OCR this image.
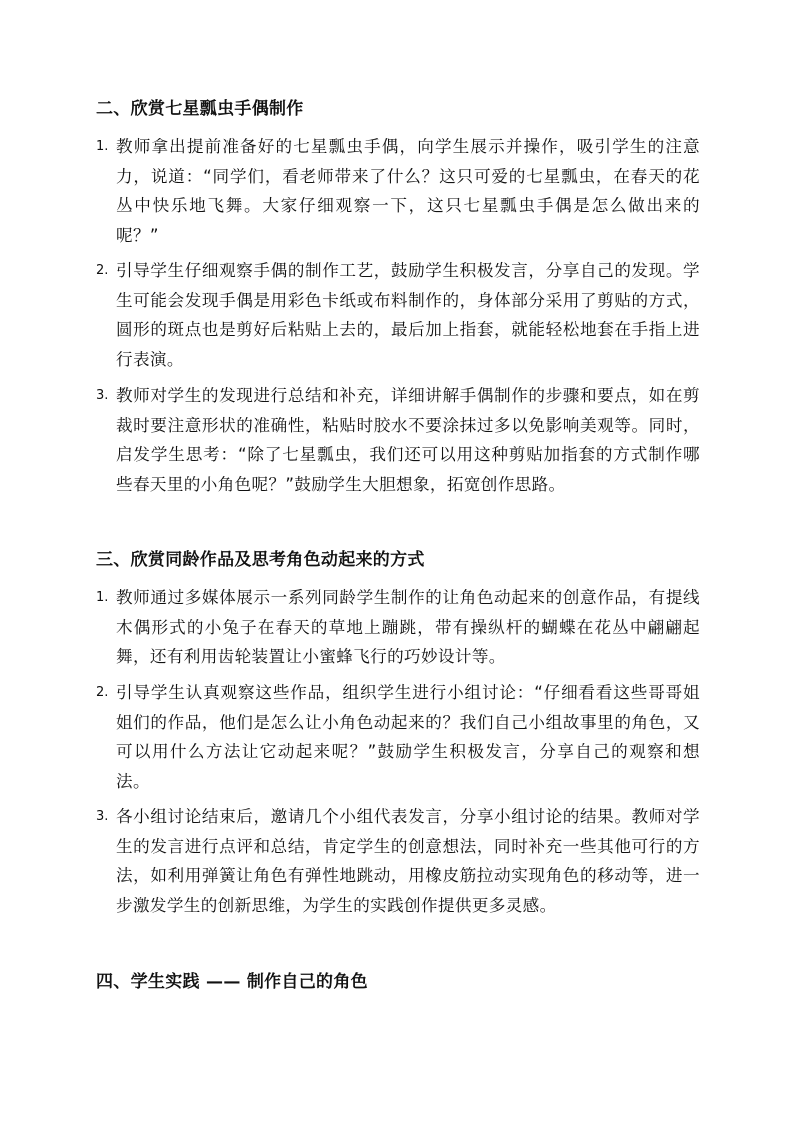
二、欣赏七星瓢虫手偶制作
1. 教师拿出提前准备好的七星瓢虫手偶，向学生展示并操作，吸引学生的注意力，说道：“同学们，看老师带来了什么？这只可爱的七星瓢虫，在春天的花丛中快乐地飞舞。大家仔细观察一下，这只七星瓢虫手偶是怎么做出来的呢？”
2. 引导学生仔细观察手偶的制作工艺，鼓励学生积极发言，分享自己的发现。学生可能会发现手偶是用彩色卡纸或布料制作的，身体部分采用了剪贴的方式，圆形的斑点也是剪好后粘贴上去的，最后加上指套，就能轻松地套在手指上进行表演。
3. 教师对学生的发现进行总结和补充，详细讲解手偶制作的步骤和要点，如在剪裁时要注意形状的准确性，粘贴时胶水不要涂抹过多以免影响美观等。同时，启发学生思考：“除了七星瓢虫，我们还可以用这种剪贴加指套的方式制作哪些春天里的小角色呢？”鼓励学生大胆想象，拓宽创作思路。
三、欣赏同龄作品及思考角色动起来的方式
1. 教师通过多媒体展示一系列同龄学生制作的让角色动起来的创意作品，有提线木偶形式的小兔子在春天的草地上蹦跳，带有操纵杆的蝴蝶在花丛中翩翩起舞，还有利用齿轮装置让小蜜蜂飞行的巧妙设计等。
2. 引导学生认真观察这些作品，组织学生进行小组讨论：“仔细看看这些哥哥姐姐们的作品，他们是怎么让小角色动起来的？我们自己小组故事里的角色，又可以用什么方法让它动起来呢？”鼓励学生积极发言，分享自己的观察和想法。
3. 各小组讨论结束后，邀请几个小组代表发言，分享小组讨论的结果。教师对学生的发言进行点评和总结，肯定学生的创意想法，同时补充一些其他可行的方法，如利用弹簧让角色有弹性地跳动，用橡皮筋拉动实现角色的移动等，进一步激发学生的创新思维，为学生的实践创作提供更多灵感。
四、学生实践 —— 制作自己的角色
